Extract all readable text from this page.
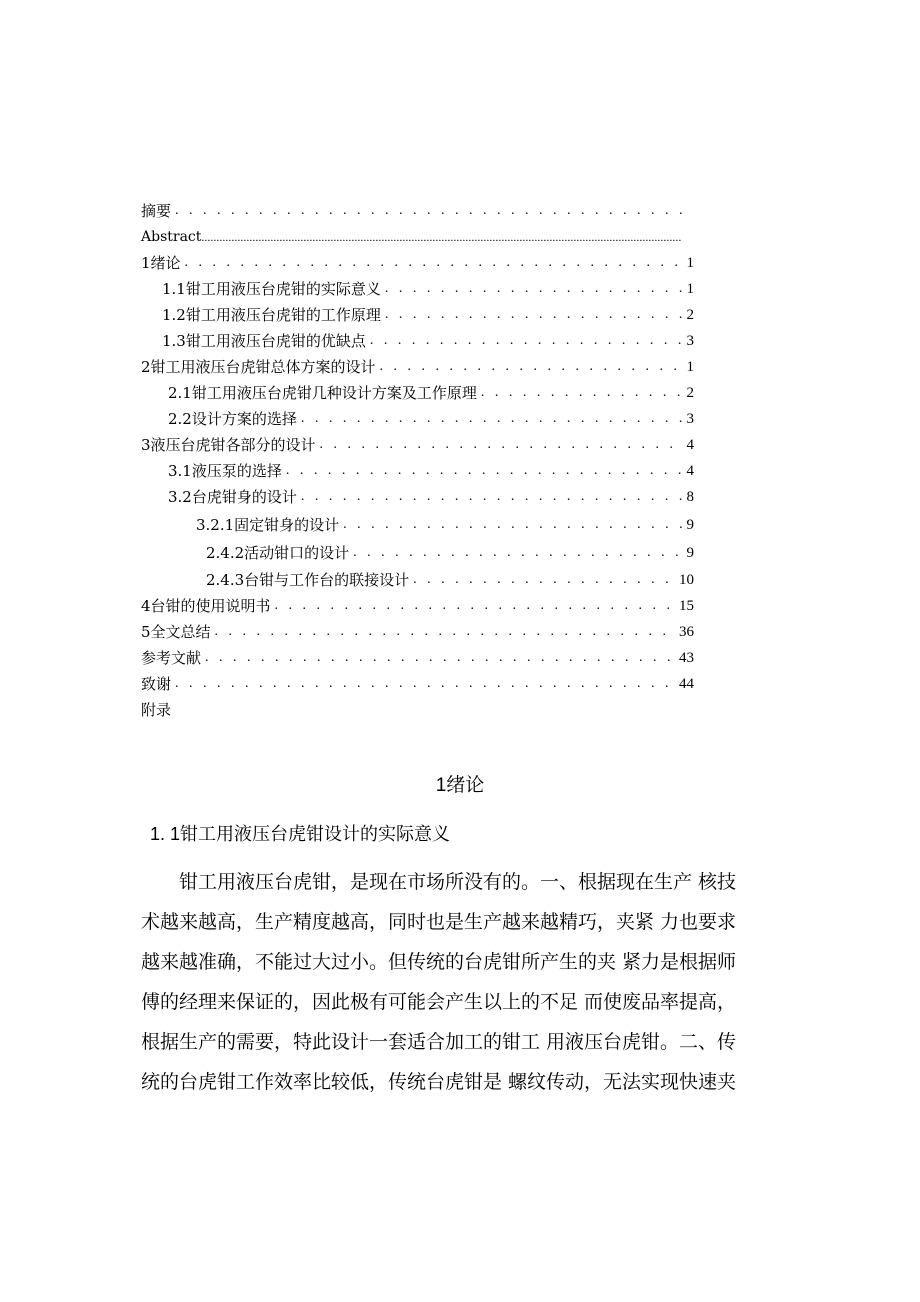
摘要
. . .
Abstract
.....
1绪论 . . .	1
1.1钳工用液压台虎钳的实际意义 . . .	1
1.2钳工用液压台虎钳的工作原理 . . .	2
1.3钳工用液压台虎钳的优缺点 . . .	3
2钳工用液压台虎钳总体方案的设计 . . .	1
2.1钳工用液压台虎钳几种设计方案及工作原理 . . .	2
2.2设计方案的选择 . . .	3
3液压台虎钳各部分的设计 . . .	4
3.1液压泵的选择 . . .	4
3.2台虎钳身的设计 . . .	8
3.2.1固定钳身的设计 . . .	9
2.4.2活动钳口的设计 . . .	9
2.4.3台钳与工作台的联接设计 . . .	10
4台钳的使用说明书 . . .	15
5全文总结 . . .	36
参考文献 . . .	43
致谢 . . .	44
附录
1绪论
1. 1钳工用液压台虎钳设计的实际意义
　　钳工用液压台虎钳，是现在市场所没有的。一、根据现在生产 核技
术越来越高，生产精度越高，同时也是生产越来越精巧，夹紧 力也要求
越来越准确，不能过大过小。但传统的台虎钳所产生的夹 紧力是根据师
傅的经理来保证的，因此极有可能会产生以上的不足 而使废品率提高，
根据生产的需要，特此设计一套适合加工的钳工 用液压台虎钳。二、传
统的台虎钳工作效率比较低，传统台虎钳是 螺纹传动，无法实现快速夹
